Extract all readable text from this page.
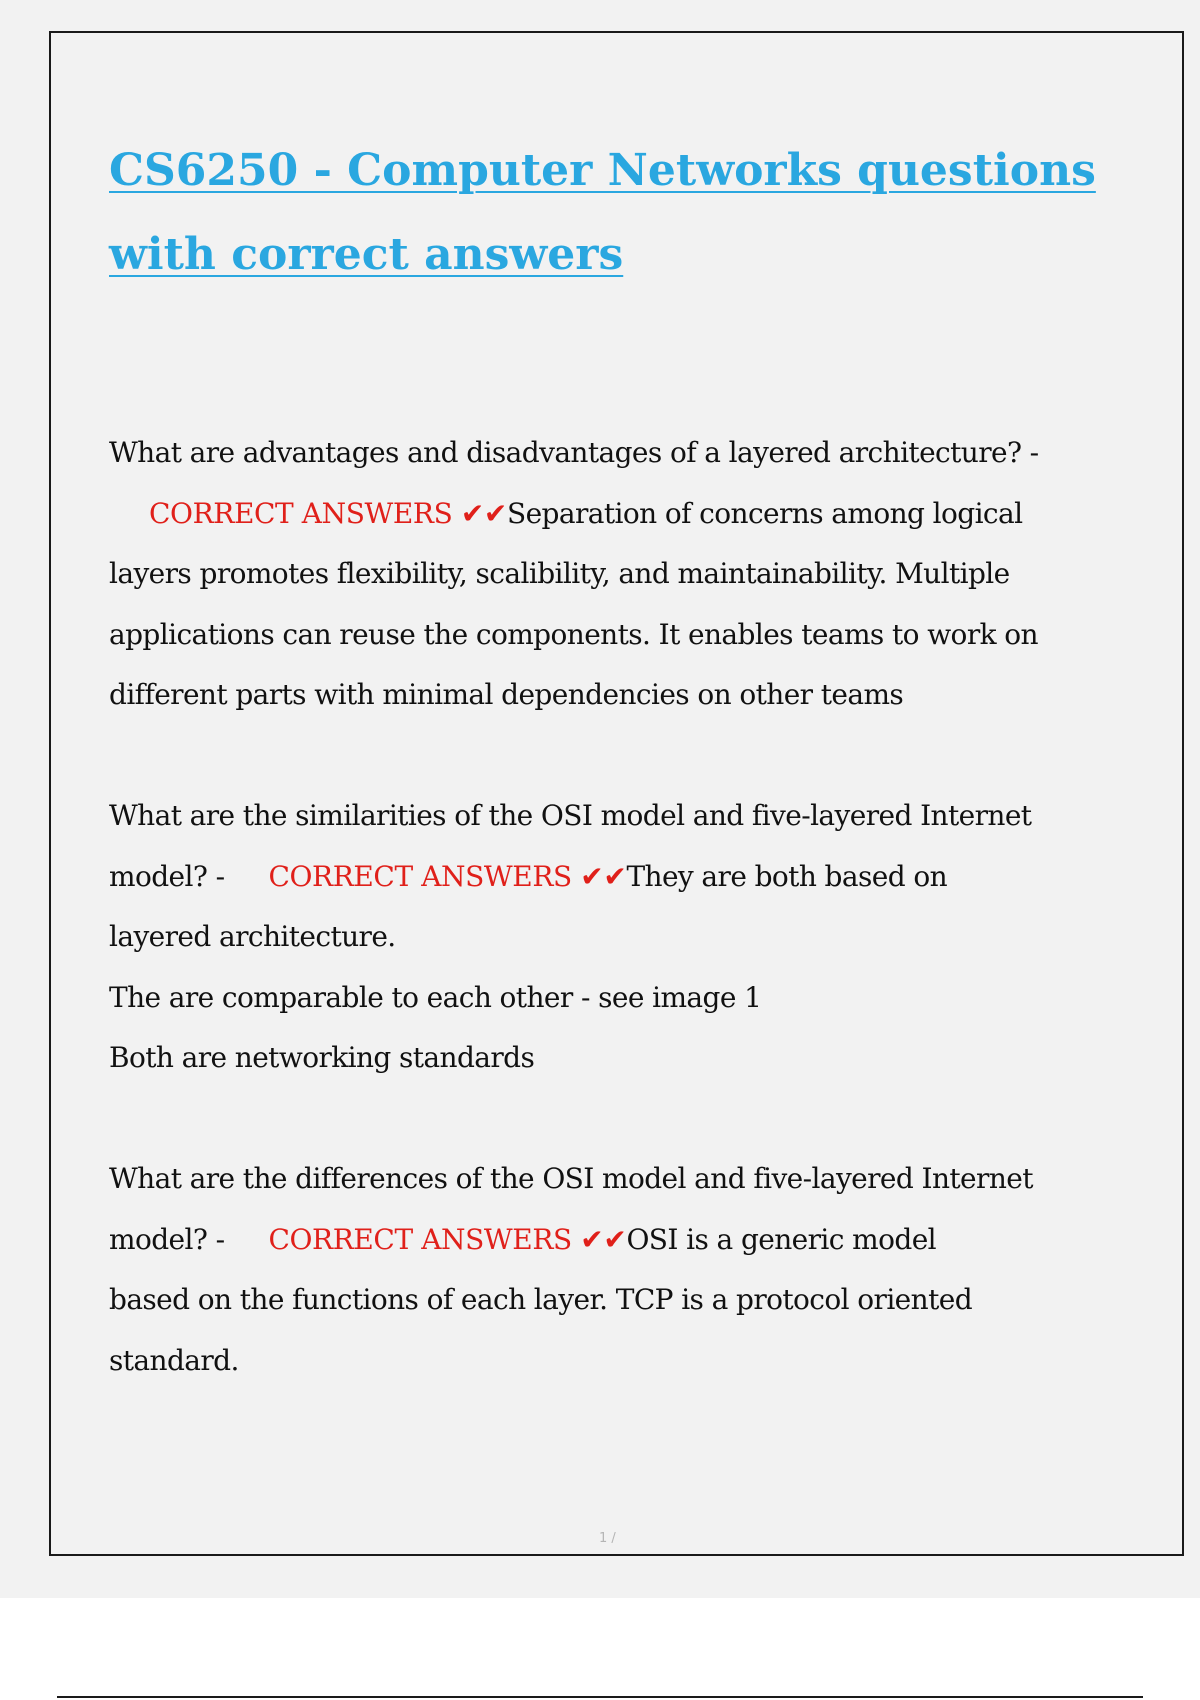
CS6250 - Computer Networks questions
with correct answers

What are advantages and disadvantages of a layered architecture? -
CORRECT ANSWERS ✔✔Separation of concerns among logical
layers promotes flexibility, scalibility, and maintainability. Multiple
applications can reuse the components. It enables teams to work on
different parts with minimal dependencies on other teams

What are the similarities of the OSI model and five-layered Internet
model? - CORRECT ANSWERS ✔✔They are both based on
layered architecture.
The are comparable to each other - see image 1
Both are networking standards

What are the differences of the OSI model and five-layered Internet
model? - CORRECT ANSWERS ✔✔OSI is a generic model
based on the functions of each layer. TCP is a protocol oriented
standard.

1 /
